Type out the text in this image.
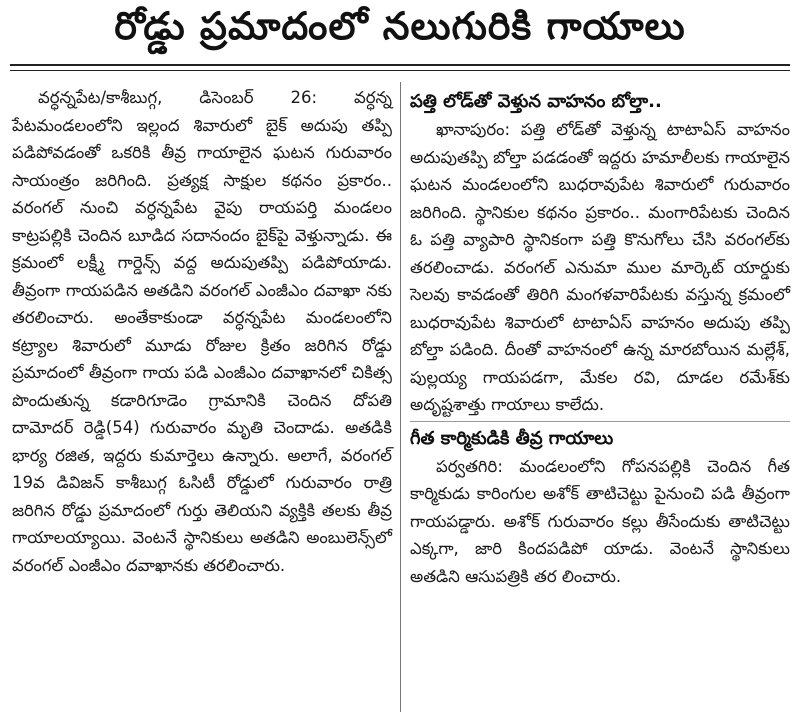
రోడ్డు ప్రమాదంలో నలుగురికి గాయాలు

వర్ధన్నపేట/కాశీబుగ్గ, డిసెంబర్ 26: వర్ధన్న పేటమండలంలోని ఇల్లంద శివారులో బైక్ అదుపు తప్పి పడిపోవడంతో ఒకరికి తీవ్ర గాయాలైన ఘటన గురువారం సాయంత్రం జరిగింది. ప్రత్యక్ష సాక్షుల కథనం ప్రకారం.. వరంగల్ నుంచి వర్ధన్నపేట వైపు రాయపర్తి మండలం కాట్రపల్లికి చెందిన బూడిద సదానందం బైక్‌పై వెళ్తున్నాడు. ఈ క్రమంలో లక్ష్మీ గార్డెన్స్ వద్ద అదుపుతప్పి పడిపోయాడు. తీవ్రంగా గాయపడిన అతడిని వరంగల్ ఎంజీఎం దవాఖా నకు తరలించారు. అంతేకాకుండా వర్ధన్నపేట మండలంలోని కట్ర్యాల శివారులో మూడు రోజుల క్రితం జరిగిన రోడ్డు ప్రమాదంలో తీవ్రంగా గాయ పడి ఎంజీఎం దవాఖానలో చికిత్స పొందుతున్న కడారిగూడెం గ్రామానికి చెందిన దోపతి దామోదర్ రెడ్డి(54) గురువారం మృతి చెందాడు. అతడికి భార్య రజిత, ఇద్దరు కుమార్తెలు ఉన్నారు. అలాగే, వరంగల్ 19వ డివిజన్ కాశీబుగ్గ ఓసిటీ రోడ్డులో గురువారం రాత్రి జరిగిన రోడ్డు ప్రమాదంలో గుర్తు తెలియని వ్యక్తికి తలకు తీవ్ర గాయాలయ్యాయి. వెంటనే స్థానికులు అతడిని అంబులెన్స్‌లో వరంగల్ ఎంజీఎం దవాఖానకు తరలించారు.

పత్తి లోడ్‌తో వెళ్తున వాహనం బోల్తా..

ఖానాపురం: పత్తి లోడ్‌తో వెళ్తున్న టాటాఏస్ వాహనం అదుపుతప్పి బోల్తా పడడంతో ఇద్దరు హమాలీలకు గాయాలైన ఘటన మండలంలోని బుధరావుపేట శివారులో గురువారం జరిగింది. స్థానికుల కథనం ప్రకారం.. మంగారిపేటకు చెందిన ఓ పత్తి వ్యాపారి స్థానికంగా పత్తి కొనుగోలు చేసి వరంగల్‌కు తరలించాడు. వరంగల్ ఎనుమా ముల మార్కెట్ యార్డుకు సెలవు కావడంతో తిరిగి మంగళవారిపేటకు వస్తున్న క్రమంలో బుధరావుపేట శివారులో టాటాఏస్ వాహనం అదుపు తప్పి బోల్తా పడింది. దీంతో వాహనంలో ఉన్న మారబోయిన మల్లేశ్, పుల్లయ్య గాయపడగా, మేకల రవి, దూడల రమేశ్‌కు అదృష్టశాత్తు గాయాలు కాలేదు.

గీత కార్మికుడికి తీవ్ర గాయాలు

పర్వతగిరి: మండలంలోని గోపనపల్లికి చెందిన గీత కార్మికుడు కారింగుల అశోక్ తాటిచెట్టు పైనుంచి పడి తీవ్రంగా గాయపడ్డారు. అశోక్ గురువారం కల్లు తీసేందుకు తాటిచెట్టు ఎక్కగా, జారి కిందపడిపో యాడు. వెంటనే స్థానికులు అతడిని ఆసుపత్రికి తర లించారు.
